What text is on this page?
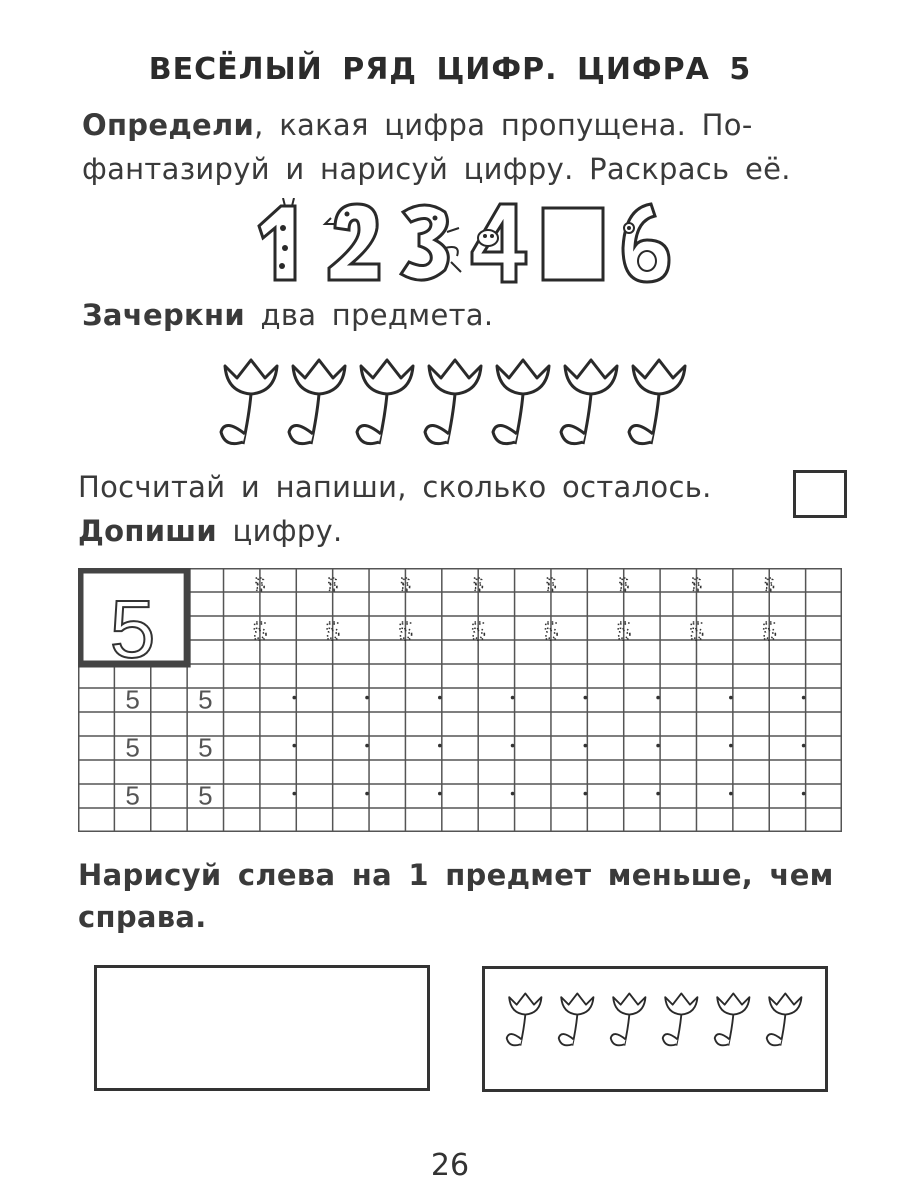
ВЕСЁЛЫЙ РЯД ЦИФР. ЦИФРА 5
Определи, какая цифра пропущена. По-
фантазируй и нарисуй цифру. Раскрась её.
Зачеркни два предмета.
Посчитай и напиши, сколько осталось.
Допиши цифру.
5	5
5
5
5
5
5
5
5
5
5
5
5
5
5
5
5
5 5
5 5
5 5
Нарисуй слева на 1 предмет меньше, чем
справа.
26
